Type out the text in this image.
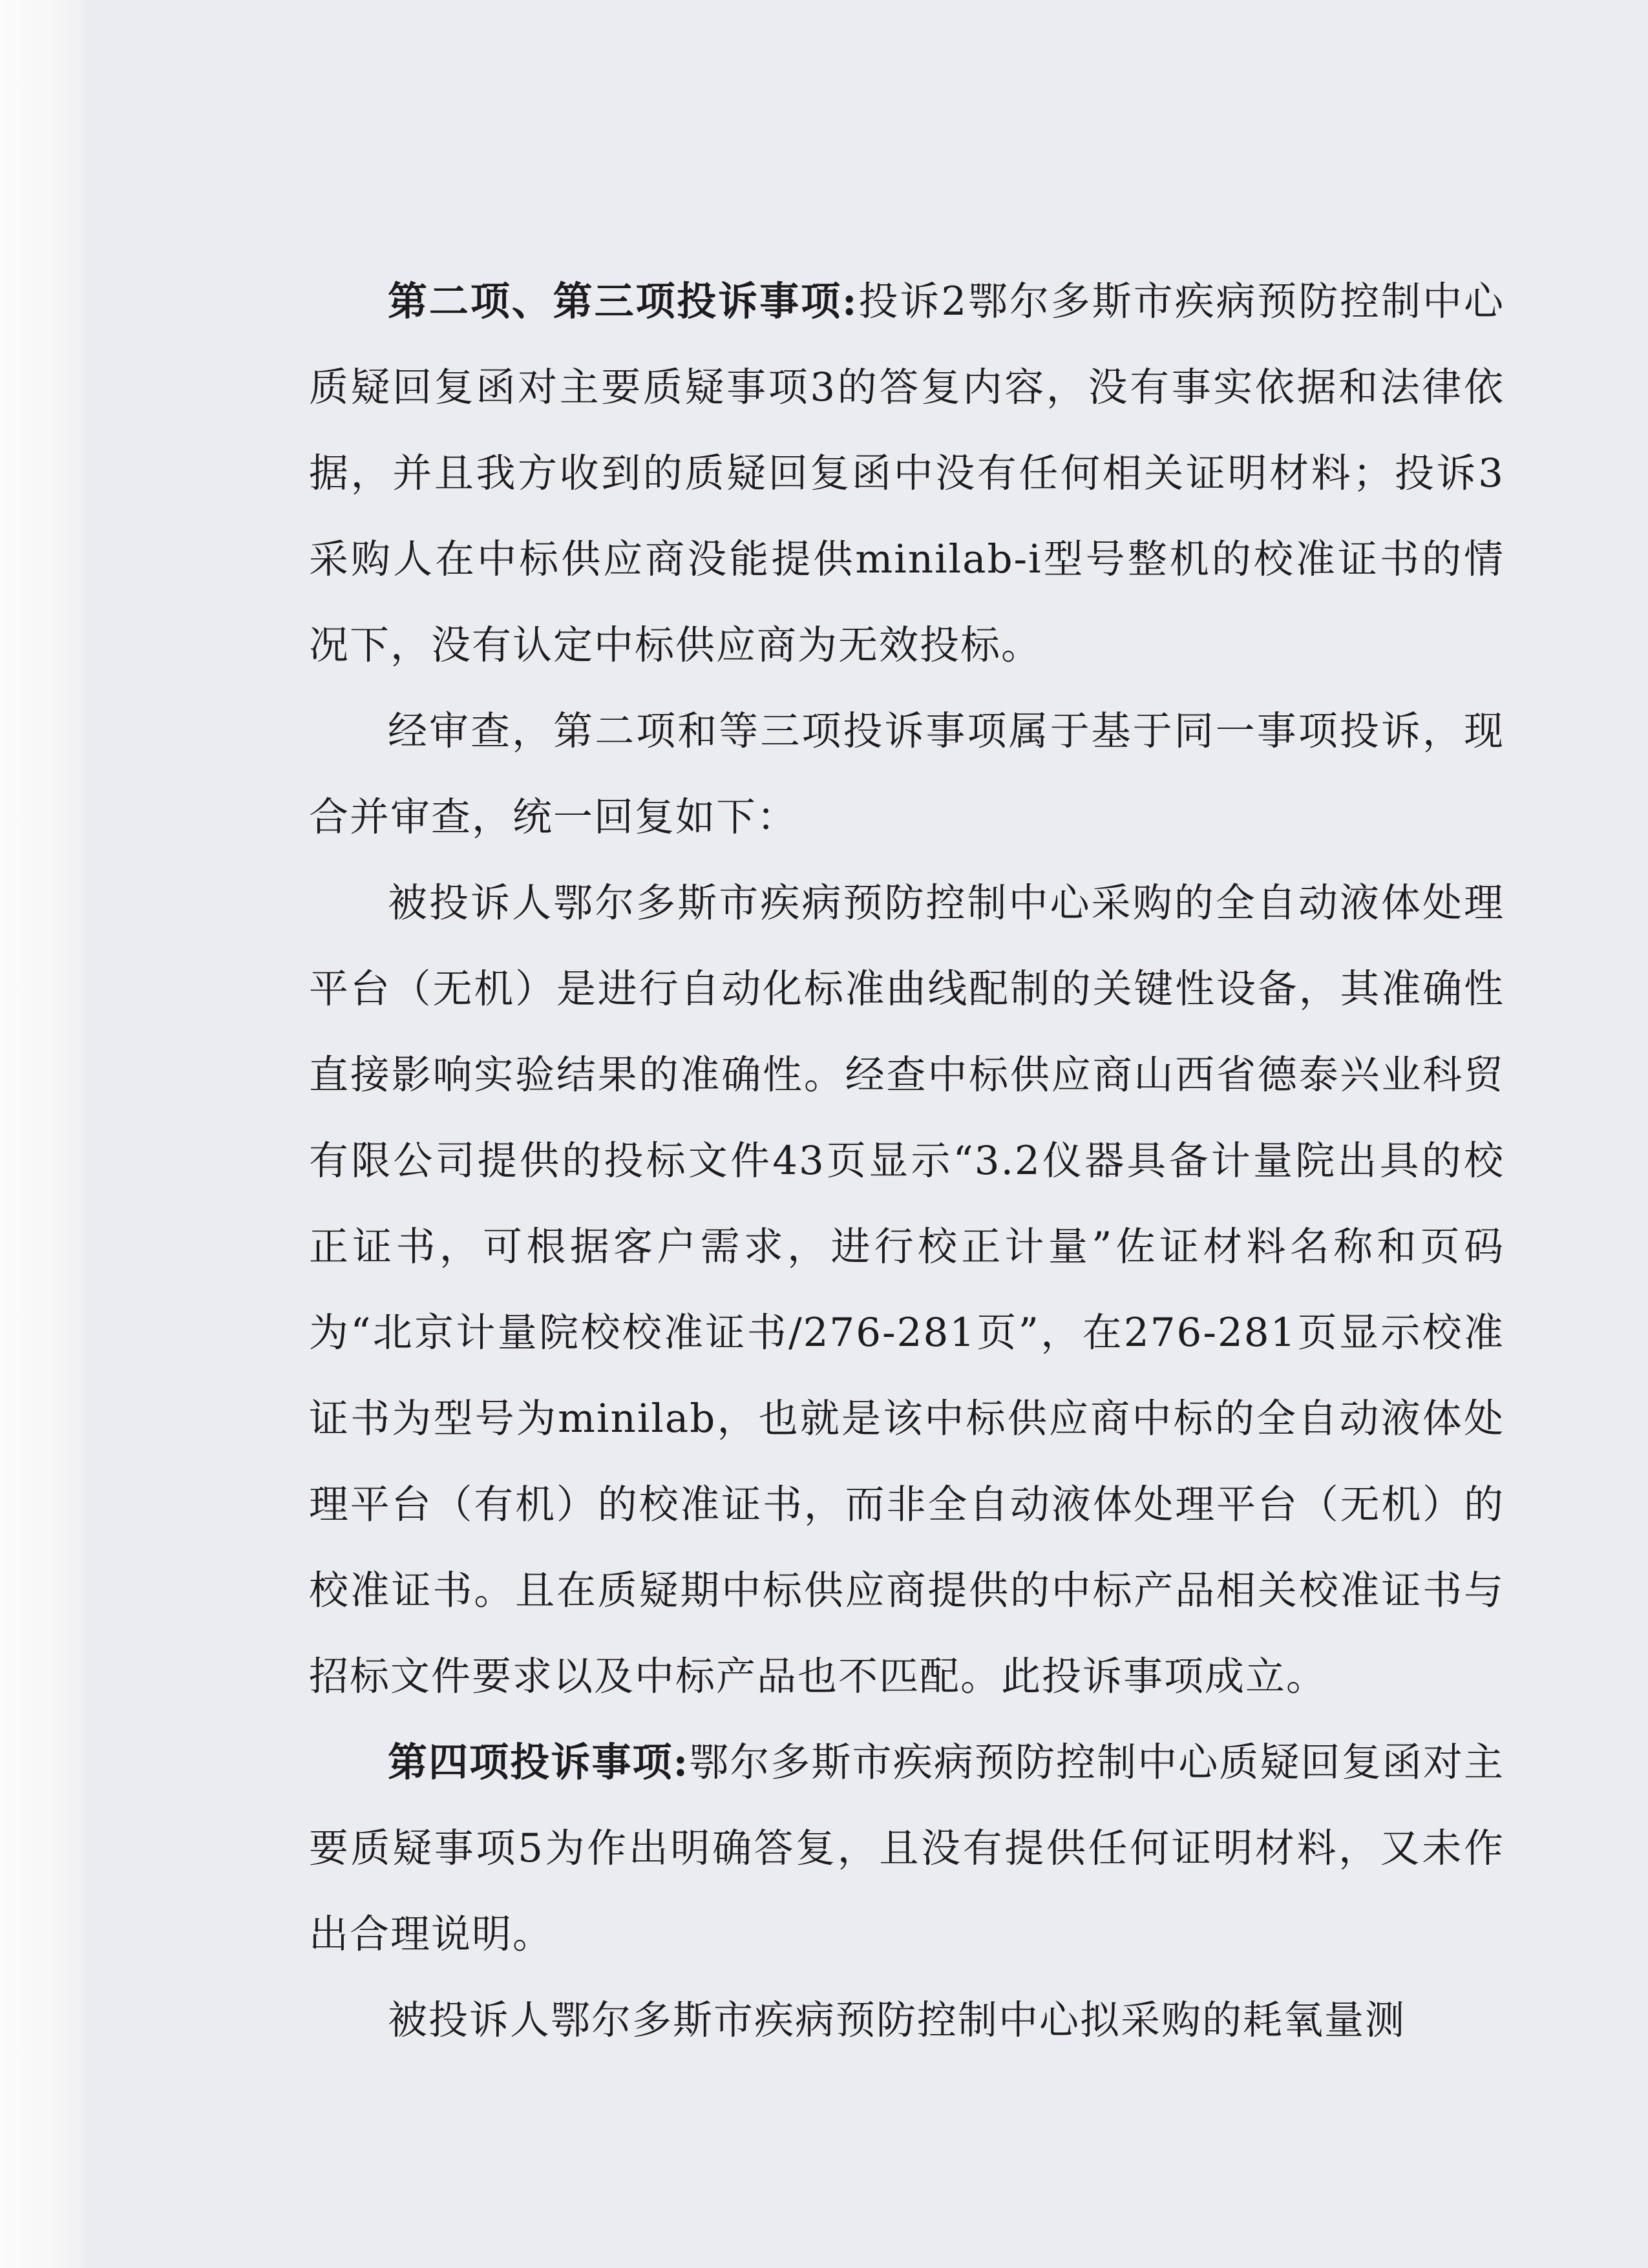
第二项、第三项投诉事项:投诉2鄂尔多斯市疾病预防控制中心质疑回复函对主要质疑事项3的答复内容，没有事实依据和法律依据，并且我方收到的质疑回复函中没有任何相关证明材料；投诉3采购人在中标供应商没能提供minilab-i型号整机的校准证书的情况下，没有认定中标供应商为无效投标。

经审查，第二项和等三项投诉事项属于基于同一事项投诉，现合并审查，统一回复如下：

被投诉人鄂尔多斯市疾病预防控制中心采购的全自动液体处理平台（无机）是进行自动化标准曲线配制的关键性设备，其准确性直接影响实验结果的准确性。经查中标供应商山西省德泰兴业科贸有限公司提供的投标文件43页显示“3.2仪器具备计量院出具的校正证书，可根据客户需求，进行校正计量”佐证材料名称和页码为“北京计量院校校准证书/276-281页”，在276-281页显示校准证书为型号为minilab，也就是该中标供应商中标的全自动液体处理平台（有机）的校准证书，而非全自动液体处理平台（无机）的校准证书。且在质疑期中标供应商提供的中标产品相关校准证书与招标文件要求以及中标产品也不匹配。此投诉事项成立。

第四项投诉事项:鄂尔多斯市疾病预防控制中心质疑回复函对主要质疑事项5为作出明确答复，且没有提供任何证明材料，又未作出合理说明。

被投诉人鄂尔多斯市疾病预防控制中心拟采购的耗氧量测
